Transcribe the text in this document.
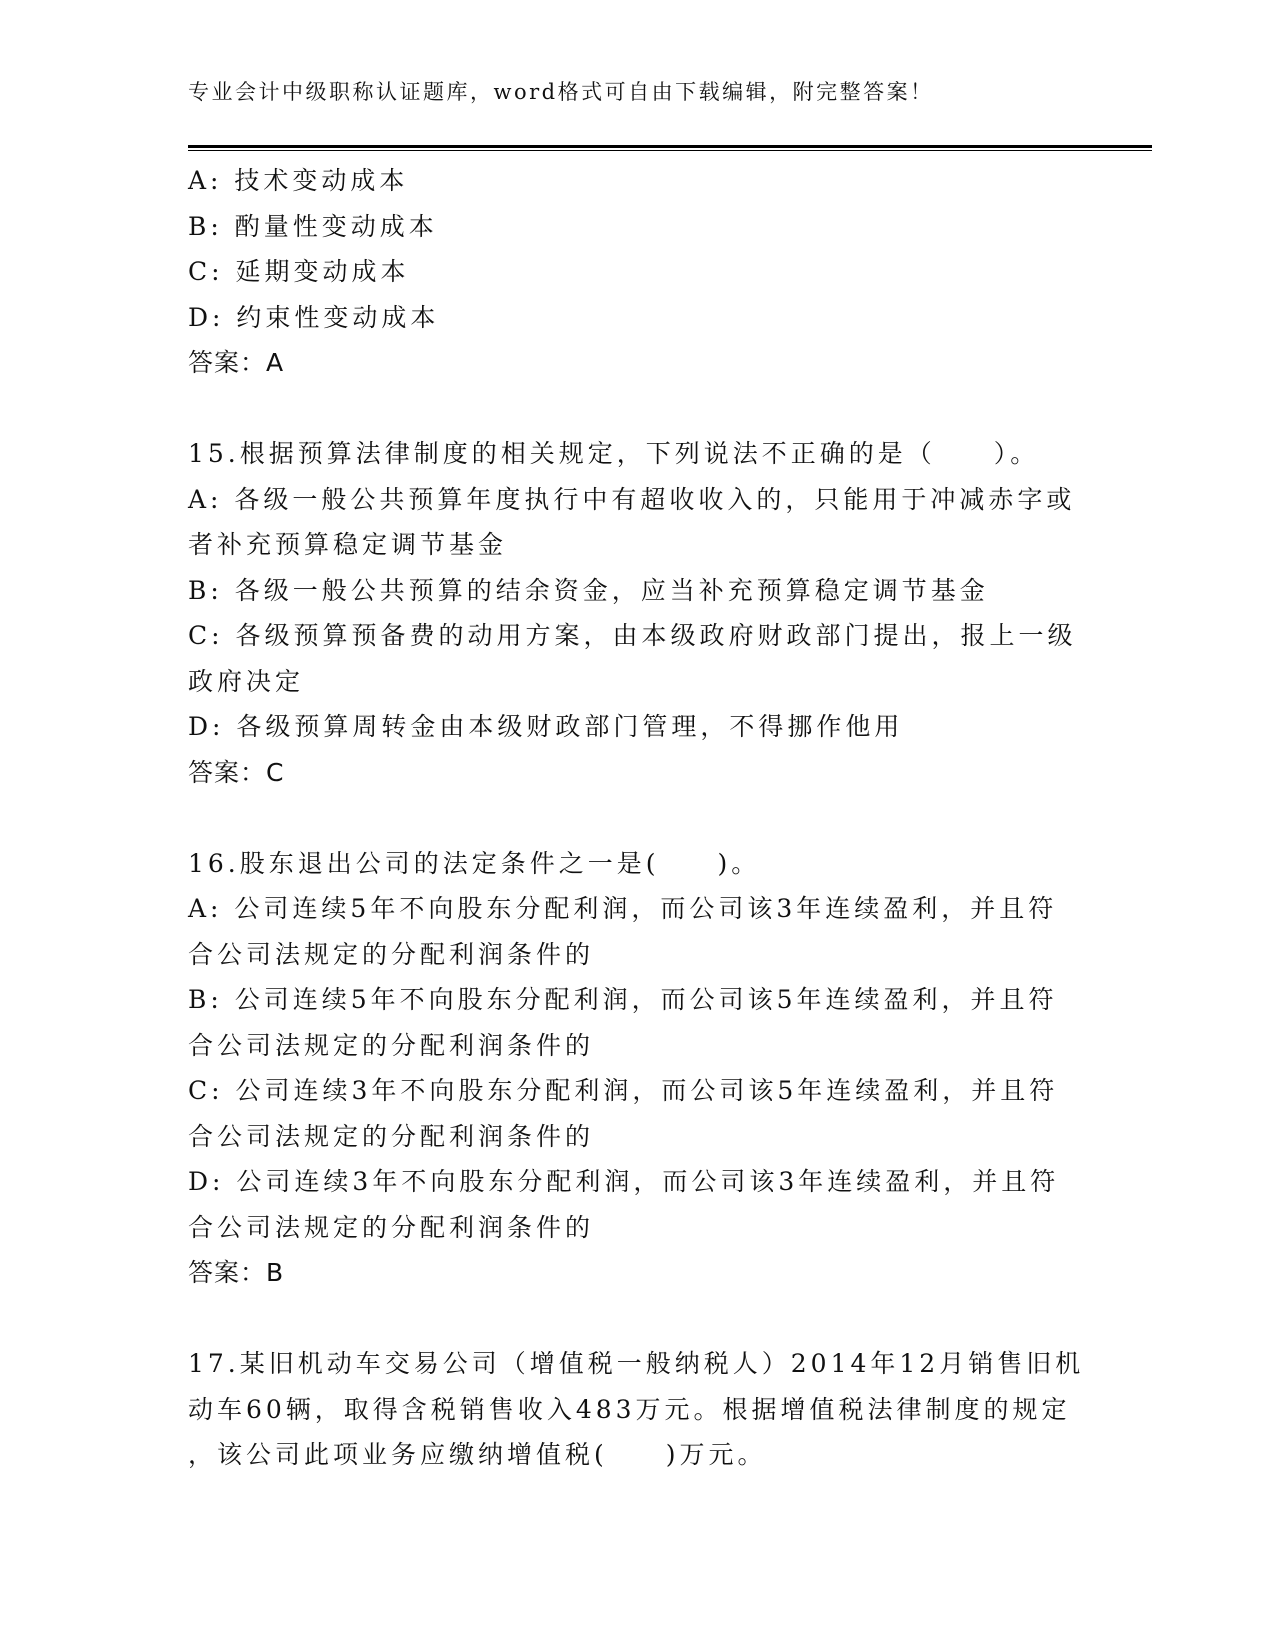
专业会计中级职称认证题库，word格式可自由下载编辑，附完整答案！
A: 技术变动成本
B: 酌量性变动成本
C: 延期变动成本
D: 约束性变动成本
答案：A
15.根据预算法律制度的相关规定，下列说法不正确的是（　　）。
A: 各级一般公共预算年度执行中有超收收入的，只能用于冲减赤字或
者补充预算稳定调节基金
B: 各级一般公共预算的结余资金，应当补充预算稳定调节基金
C: 各级预算预备费的动用方案，由本级政府财政部门提出，报上一级
政府决定
D: 各级预算周转金由本级财政部门管理，不得挪作他用
答案：C
16.股东退出公司的法定条件之一是(　　)。
A: 公司连续5年不向股东分配利润，而公司该3年连续盈利，并且符
合公司法规定的分配利润条件的
B: 公司连续5年不向股东分配利润，而公司该5年连续盈利，并且符
合公司法规定的分配利润条件的
C: 公司连续3年不向股东分配利润，而公司该5年连续盈利，并且符
合公司法规定的分配利润条件的
D: 公司连续3年不向股东分配利润，而公司该3年连续盈利，并且符
合公司法规定的分配利润条件的
答案：B
17.某旧机动车交易公司（增值税一般纳税人）2014年12月销售旧机
动车60辆，取得含税销售收入483万元。根据增值税法律制度的规定
，该公司此项业务应缴纳增值税(　　)万元。
